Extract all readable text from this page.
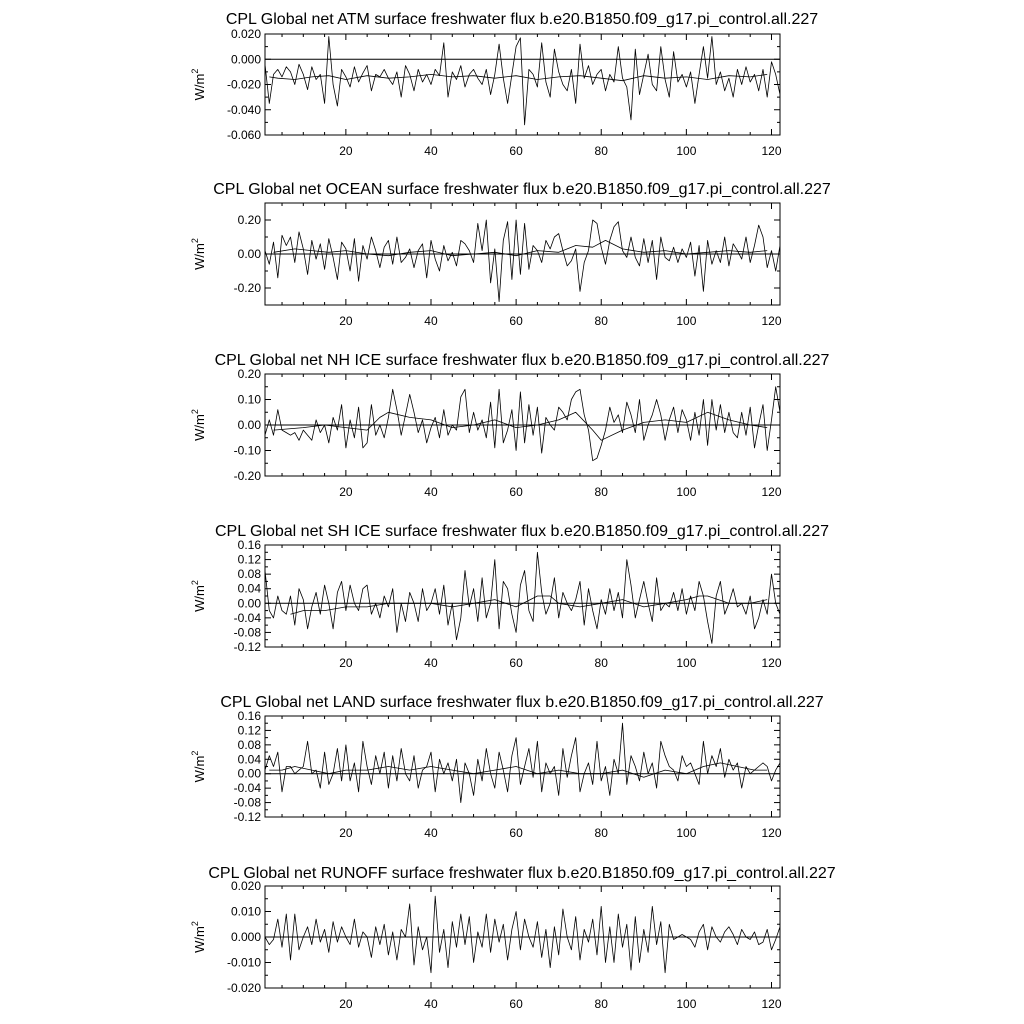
CPL Global net ATM surface freshwater flux b.e20.B1850.f09_g17.pi_control.all.227
-0.060
-0.040
-0.020
0.000
0.020
20	40	60	80	100	120
$W/m^2$
CPL Global net OCEAN surface freshwater flux b.e20.B1850.f09_g17.pi_control.all.227
-0.20
0.00
0.20
20	40	60	80	100	120
$W/m^2$
CPL Global net NH ICE surface freshwater flux b.e20.B1850.f09_g17.pi_control.all.227
-0.20
-0.10
0.00
0.10
0.20
20	40	60	80	100	120
$W/m^2$
CPL Global net SH ICE surface freshwater flux b.e20.B1850.f09_g17.pi_control.all.227
-0.12
-0.08
-0.04
0.00
0.04
0.08
0.12
0.16
20	40	60	80	100	120
$W/m^2$
CPL Global net LAND surface freshwater flux b.e20.B1850.f09_g17.pi_control.all.227
-0.12
-0.08
-0.04
0.00
0.04
0.08
0.12
0.16
20	40	60	80	100	120
$W/m^2$
CPL Global net RUNOFF surface freshwater flux b.e20.B1850.f09_g17.pi_control.all.227
-0.020
-0.010
0.000
0.010
0.020
20	40	60	80	100	120
$W/m^2$
